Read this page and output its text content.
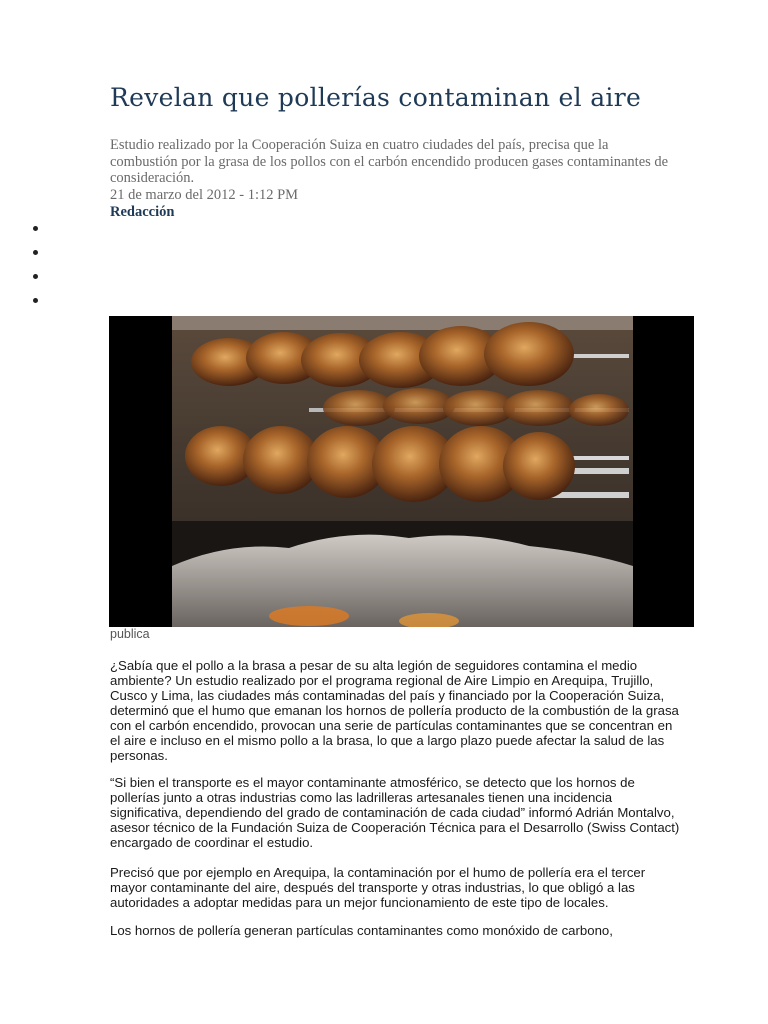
Revelan que pollerías contaminan el aire

Estudio realizado por la Cooperación Suiza en cuatro ciudades del país, precisa que la combustión por la grasa de los pollos con el carbón encendido producen gases contaminantes de consideración.

21 de marzo del 2012 - 1:12 PM

Redacción

publica

¿Sabía que el pollo a la brasa a pesar de su alta legión de seguidores contamina el medio ambiente? Un estudio realizado por el programa regional de Aire Limpio en Arequipa, Trujillo, Cusco y Lima, las ciudades más contaminadas del país y financiado por la Cooperación Suiza, determinó que el humo que emanan los hornos de pollería producto de la combustión de la grasa con el carbón encendido, provocan una serie de partículas contaminantes que se concentran en el aire e incluso en el mismo pollo a la brasa, lo que a largo plazo puede afectar la salud de las personas.

“Si bien el transporte es el mayor contaminante atmosférico, se detecto que los hornos de pollerías junto a otras industrias como las ladrilleras artesanales tienen una incidencia significativa, dependiendo del grado de contaminación de cada ciudad” informó Adrián Montalvo, asesor técnico de la Fundación Suiza de Cooperación Técnica para el Desarrollo (Swiss Contact) encargado de coordinar el estudio.

Precisó que por ejemplo en Arequipa, la contaminación por el humo de pollería era el tercer mayor contaminante del aire, después del transporte y otras industrias, lo que obligó a las autoridades a adoptar medidas para un mejor funcionamiento de este tipo de locales.

Los hornos de pollería generan partículas contaminantes como monóxido de carbono,
